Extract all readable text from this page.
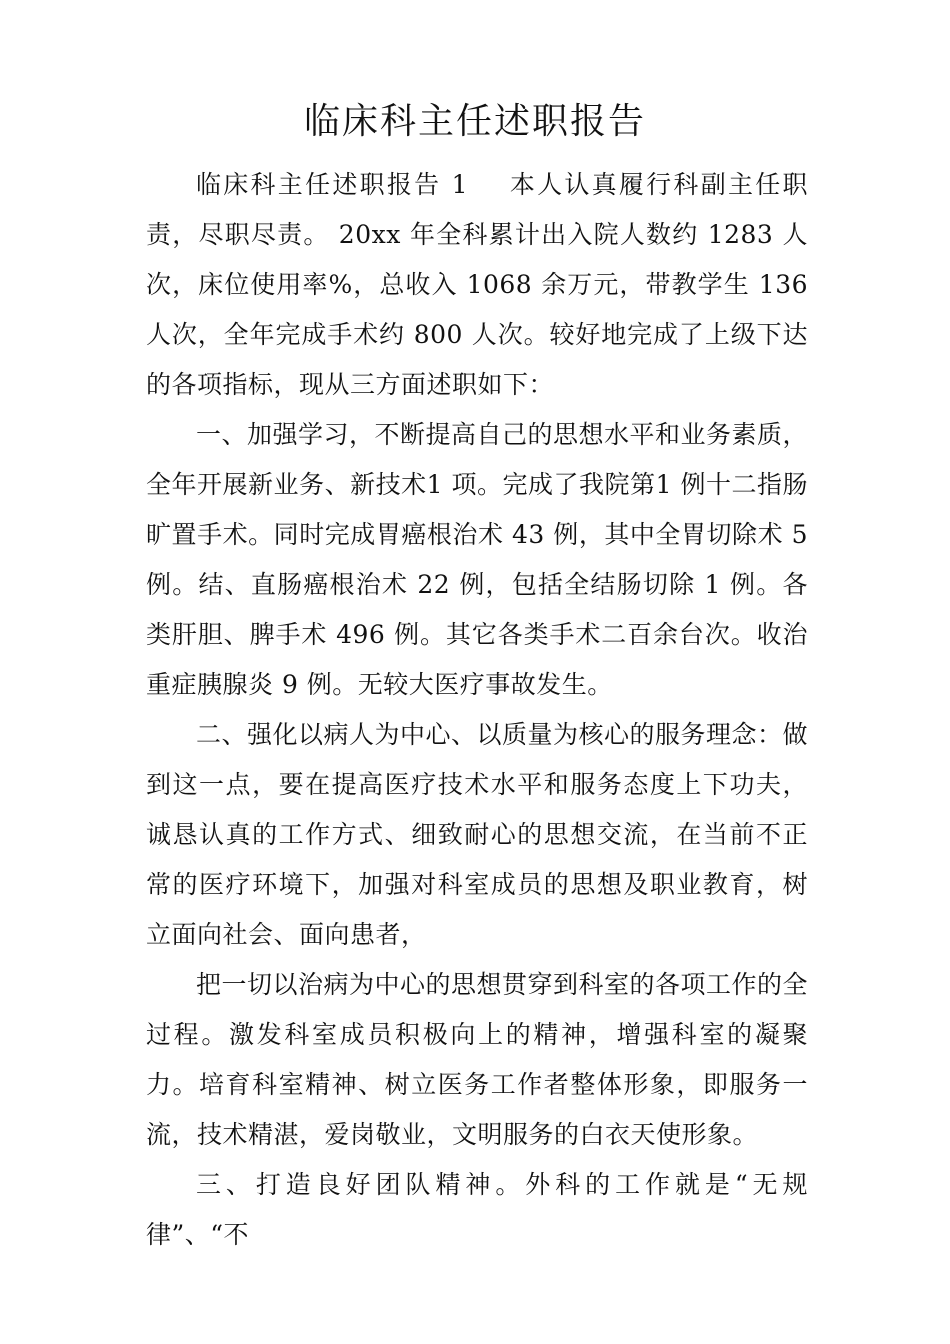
临床科主任述职报告

临床科主任述职报告 1 本人认真履行科副主任职责，尽职尽责。 20xx 年全科累计出入院人数约 1283 人次，床位使用率%，总收入 1068 余万元，带教学生 136 人次，全年完成手术约 800 人次。较好地完成了上级下达的各项指标，现从三方面述职如下：

一、加强学习，不断提高自己的思想水平和业务素质，全年开展新业务、新技术1 项。完成了我院第1 例十二指肠旷置手术。同时完成胃癌根治术 43 例，其中全胃切除术 5 例。结、直肠癌根治术 22 例，包括全结肠切除 1 例。各类肝胆、脾手术 496 例。其它各类手术二百余台次。收治重症胰腺炎 9 例。无较大医疗事故发生。

二、强化以病人为中心、以质量为核心的服务理念：做到这一点，要在提高医疗技术水平和服务态度上下功夫，诚恳认真的工作方式、细致耐心的思想交流，在当前不正常的医疗环境下，加强对科室成员的思想及职业教育，树立面向社会、面向患者，

把一切以治病为中心的思想贯穿到科室的各项工作的全过程。激发科室成员积极向上的精神，增强科室的凝聚力。培育科室精神、树立医务工作者整体形象，即服务一流，技术精湛，爱岗敬业，文明服务的白衣天使形象。

三、打造良好团队精神。外科的工作就是“无规律”、“不
